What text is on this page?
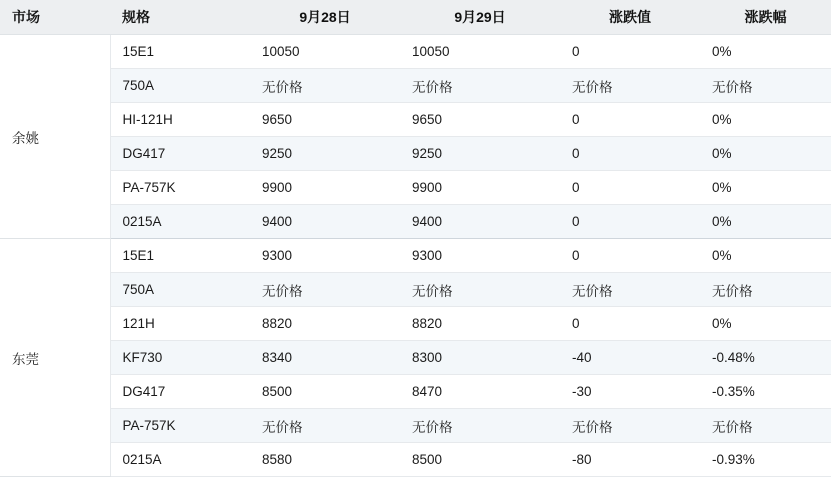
市场	规格	9月28日	9月29日	涨跌值	涨跌幅
余姚	15E1	10050	10050	0	0%
	750A	无价格	无价格	无价格	无价格
	HI-121H	9650	9650	0	0%
	DG417	9250	9250	0	0%
	PA-757K	9900	9900	0	0%
	0215A	9400	9400	0	0%
东莞	15E1	9300	9300	0	0%
	750A	无价格	无价格	无价格	无价格
	121H	8820	8820	0	0%
	KF730	8340	8300	-40	-0.48%
	DG417	8500	8470	-30	-0.35%
	PA-757K	无价格	无价格	无价格	无价格
	0215A	8580	8500	-80	-0.93%
